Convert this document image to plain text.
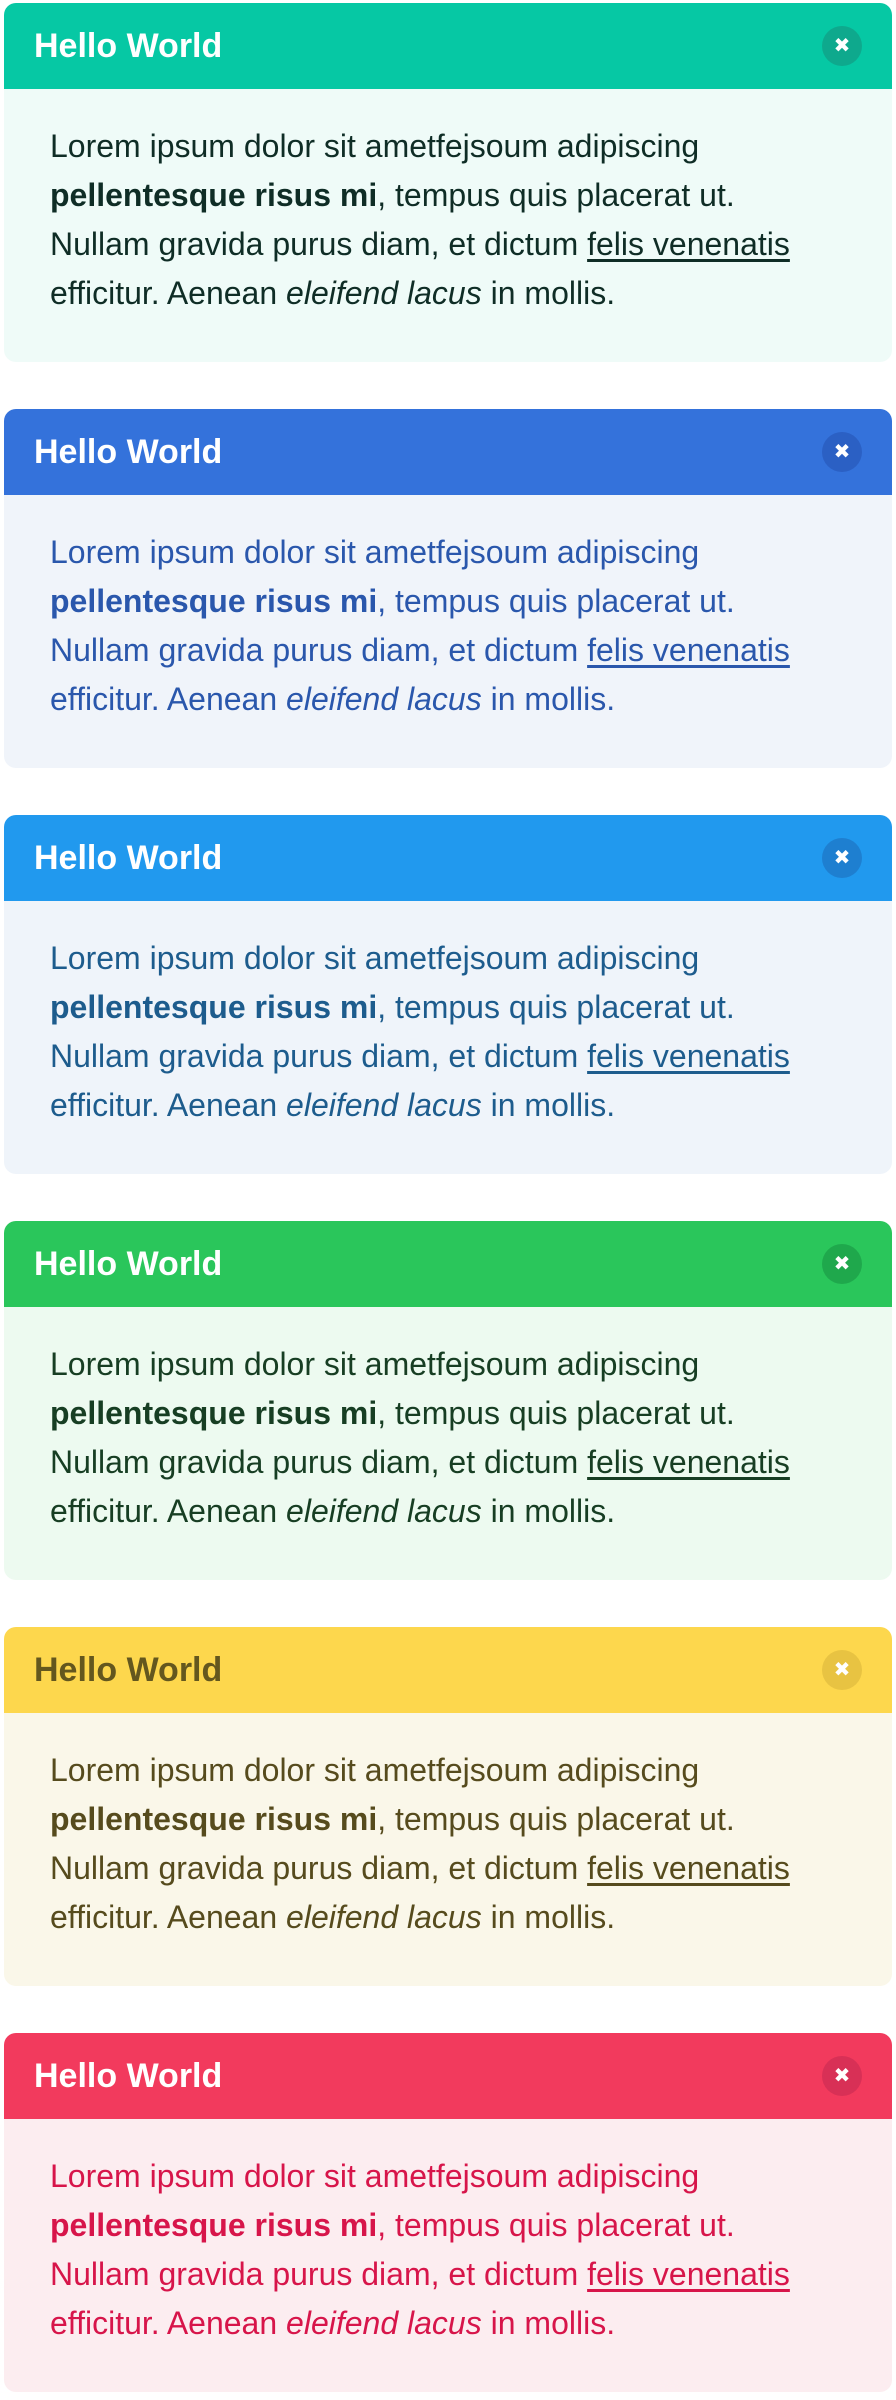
Hello World	✖

Lorem ipsum dolor sit ametfejsoum adipiscing
pellentesque risus mi, tempus quis placerat ut.
Nullam gravida purus diam, et dictum felis venenatis
efficitur. Aenean eleifend lacus in mollis.

Hello World	✖

Lorem ipsum dolor sit ametfejsoum adipiscing
pellentesque risus mi, tempus quis placerat ut.
Nullam gravida purus diam, et dictum felis venenatis
efficitur. Aenean eleifend lacus in mollis.

Hello World	✖

Lorem ipsum dolor sit ametfejsoum adipiscing
pellentesque risus mi, tempus quis placerat ut.
Nullam gravida purus diam, et dictum felis venenatis
efficitur. Aenean eleifend lacus in mollis.

Hello World	✖

Lorem ipsum dolor sit ametfejsoum adipiscing
pellentesque risus mi, tempus quis placerat ut.
Nullam gravida purus diam, et dictum felis venenatis
efficitur. Aenean eleifend lacus in mollis.

Hello World	✖

Lorem ipsum dolor sit ametfejsoum adipiscing
pellentesque risus mi, tempus quis placerat ut.
Nullam gravida purus diam, et dictum felis venenatis
efficitur. Aenean eleifend lacus in mollis.

Hello World	✖

Lorem ipsum dolor sit ametfejsoum adipiscing
pellentesque risus mi, tempus quis placerat ut.
Nullam gravida purus diam, et dictum felis venenatis
efficitur. Aenean eleifend lacus in mollis.
